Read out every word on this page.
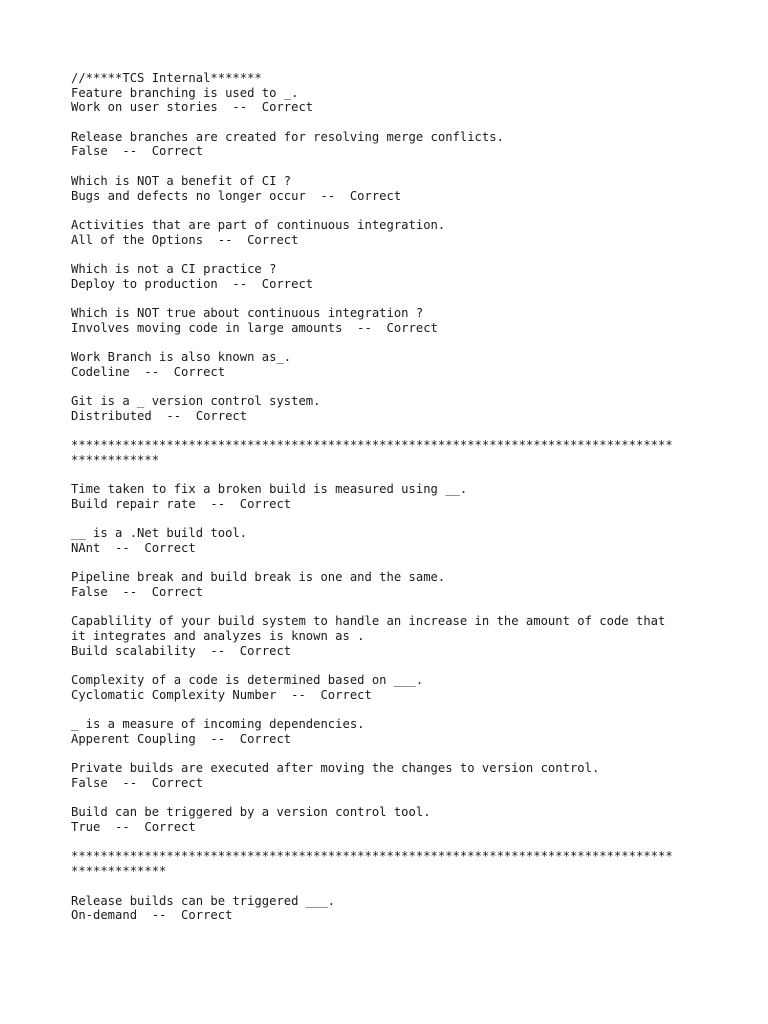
//*****TCS Internal*******
Feature branching is used to _.
Work on user stories  --  Correct
Release branches are created for resolving merge conflicts.
False  --  Correct
Which is NOT a benefit of CI ?
Bugs and defects no longer occur  --  Correct
Activities that are part of continuous integration.
All of the Options  --  Correct
Which is not a CI practice ?
Deploy to production  --  Correct
Which is NOT true about continuous integration ?
Involves moving code in large amounts  --  Correct
Work Branch is also known as_.
Codeline  --  Correct
Git is a _ version control system.
Distributed  --  Correct
**********************************************************************************
************
Time taken to fix a broken build is measured using __.
Build repair rate  --  Correct
__ is a .Net build tool.
NAnt  --  Correct
Pipeline break and build break is one and the same.
False  --  Correct
Capablility of your build system to handle an increase in the amount of code that
it integrates and analyzes is known as .
Build scalability  --  Correct
Complexity of a code is determined based on ___.
Cyclomatic Complexity Number  --  Correct
_ is a measure of incoming dependencies.
Apperent Coupling  --  Correct
Private builds are executed after moving the changes to version control.
False  --  Correct
Build can be triggered by a version control tool.
True  --  Correct
**********************************************************************************
*************
Release builds can be triggered ___.
On-demand  --  Correct
